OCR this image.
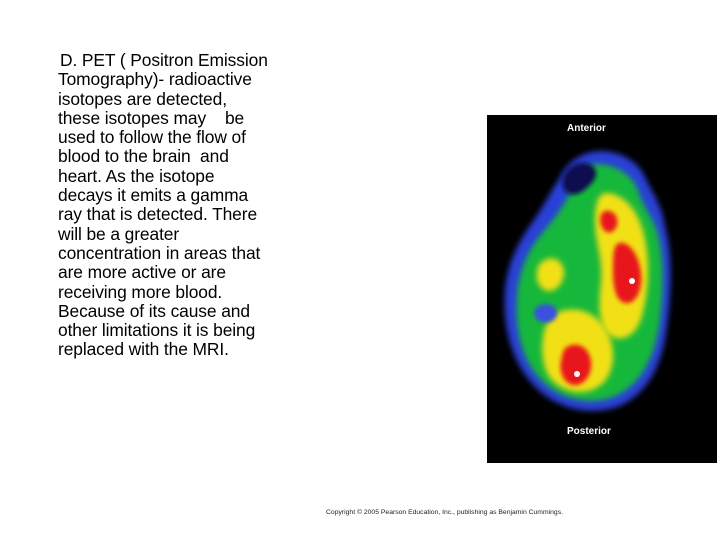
D. PET ( Positron Emission
Tomography)- radioactive
isotopes are detected,
these isotopes may    be
used to follow the flow of
blood to the brain  and
heart. As the isotope
decays it emits a gamma
ray that is detected. There
will be a greater
concentration in areas that
are more active or are
receiving more blood.
Because of its cause and
other limitations it is being
replaced with the MRI.
Anterior
Posterior
Copyright © 2005 Pearson Education, Inc., publishing as Benjamin Cummings.
